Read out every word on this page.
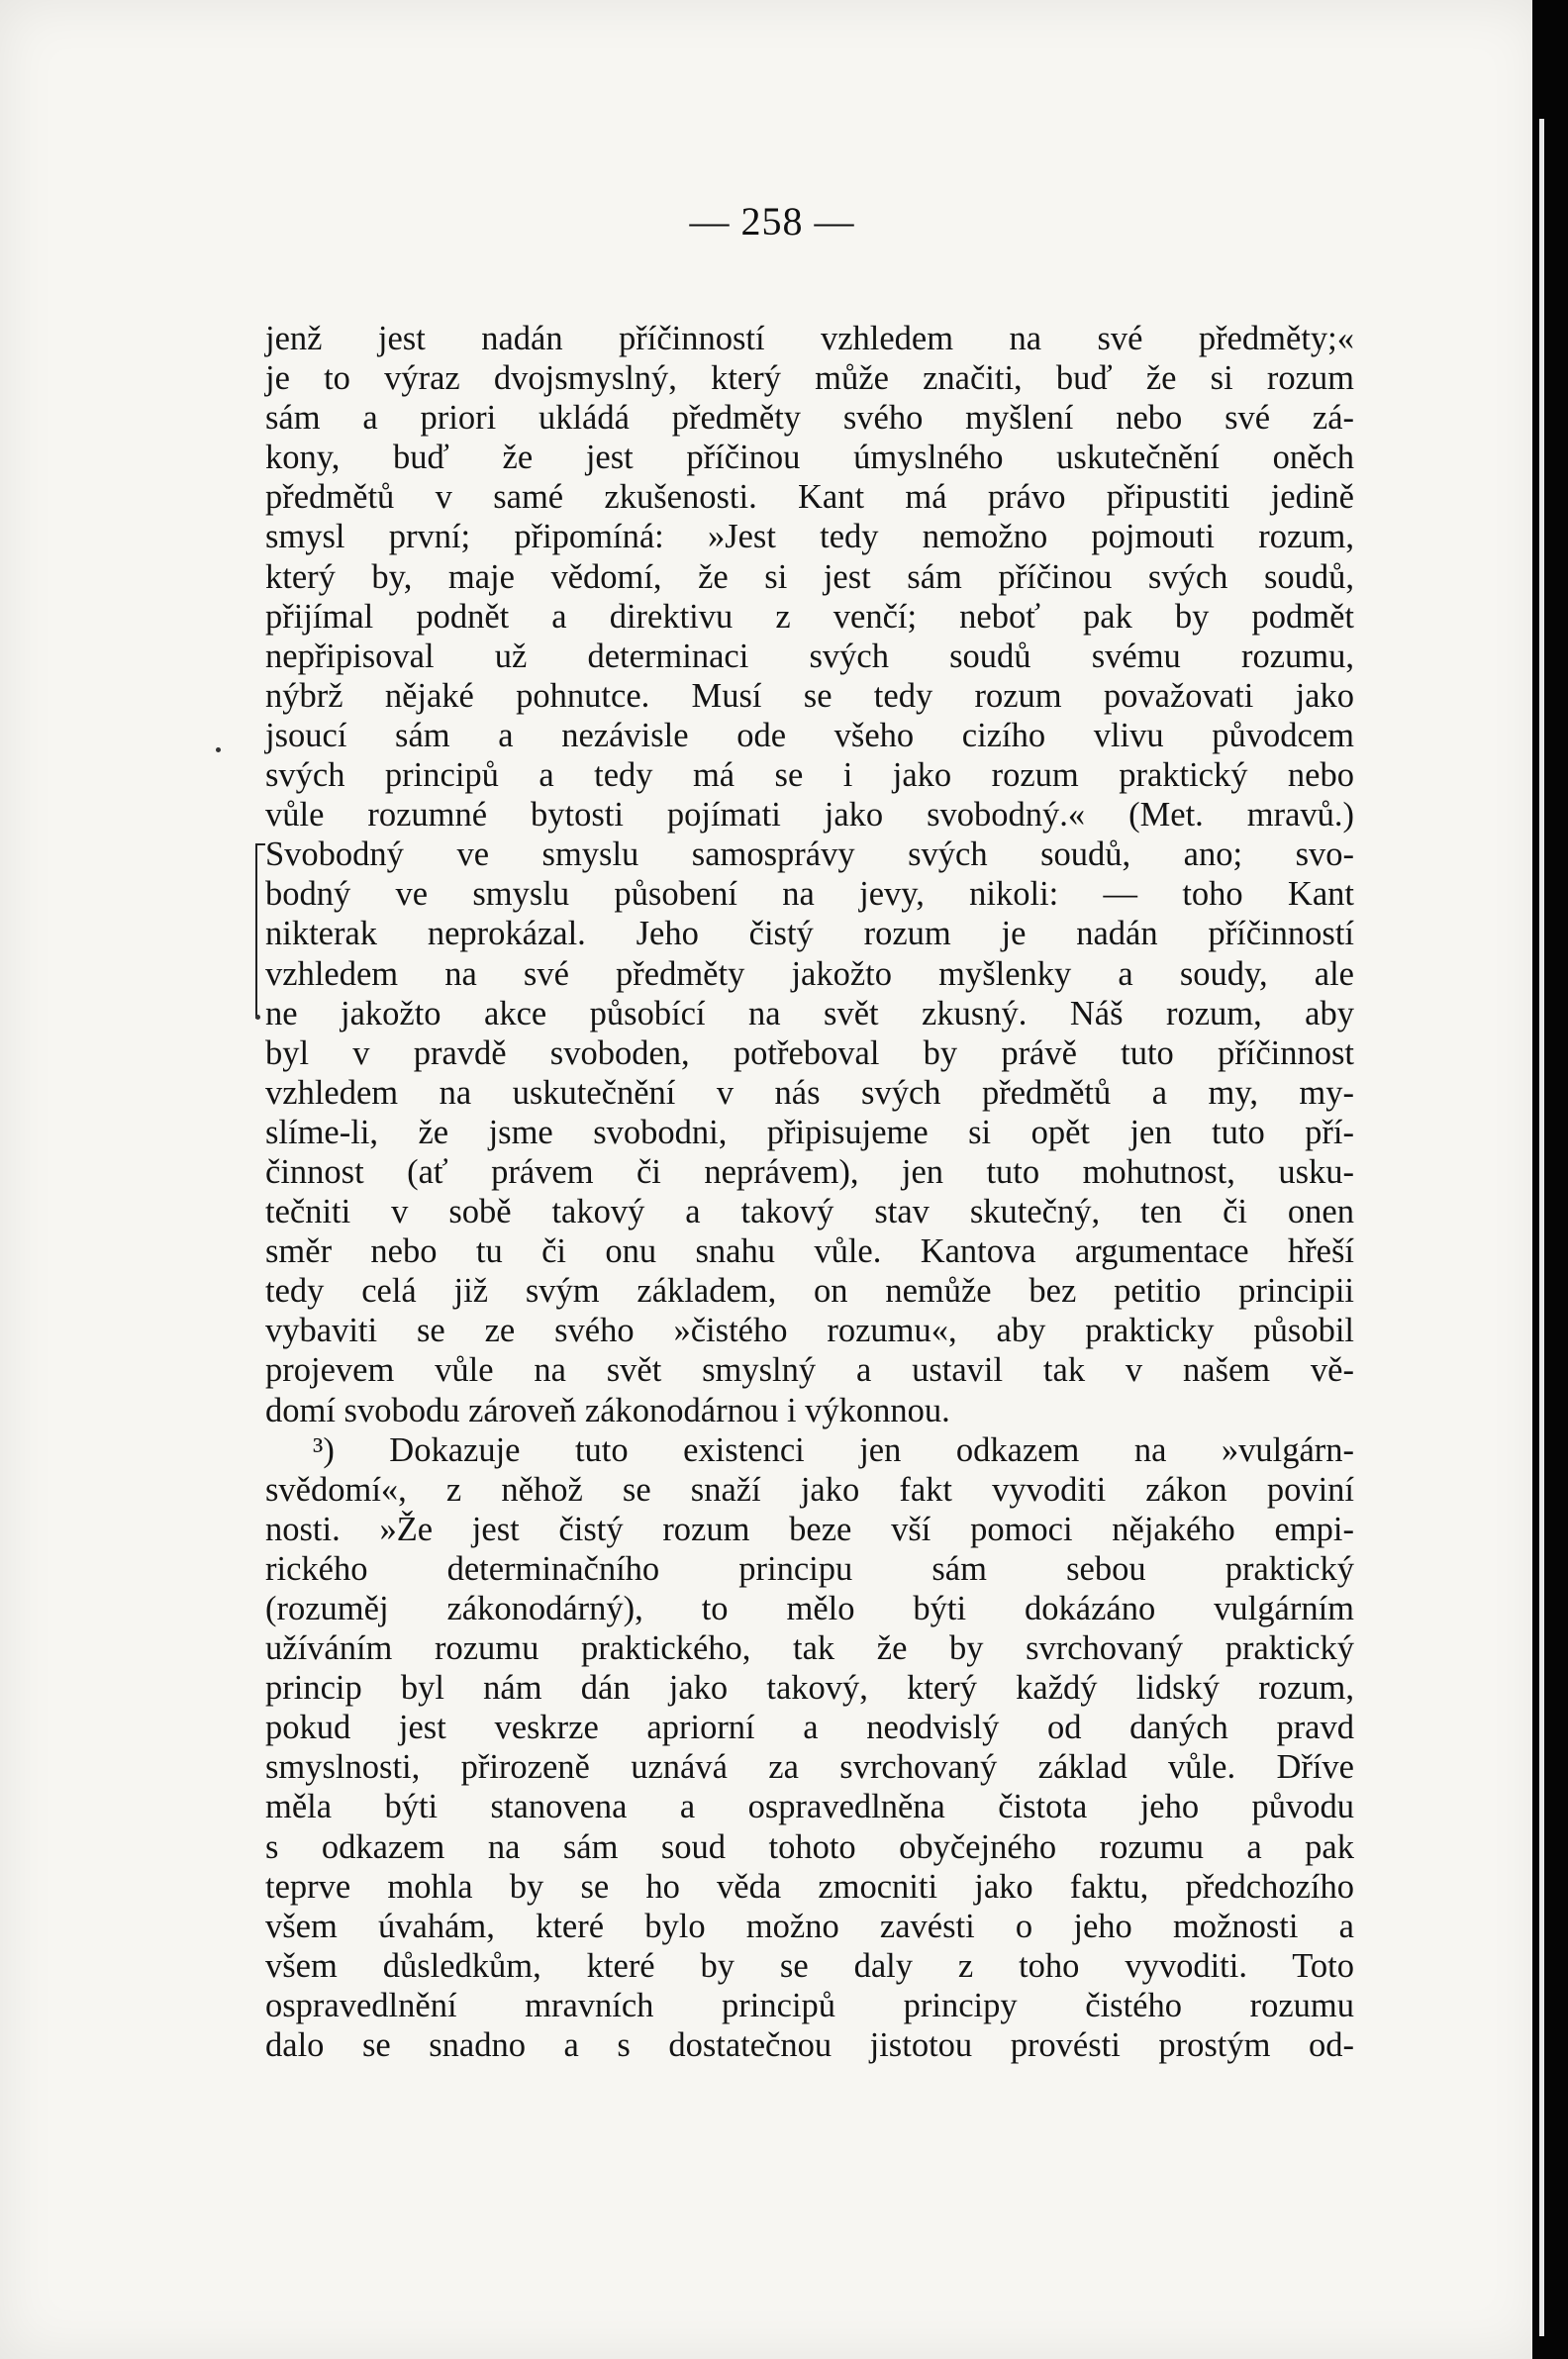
— 258 —
jenž jest nadán příčinností vzhledem na své předměty;«
je to výraz dvojsmyslný, který může značiti, buď že si rozum
sám a priori ukládá předměty svého myšlení nebo své zá-
kony, buď že jest příčinou úmyslného uskutečnění oněch
předmětů v samé zkušenosti. Kant má právo připustiti jedině
smysl první; připomíná: »Jest tedy nemožno pojmouti rozum,
který by, maje vědomí, že si jest sám příčinou svých soudů,
přijímal podnět a direktivu z venčí; neboť pak by podmět
nepřipisoval už determinaci svých soudů svému rozumu,
nýbrž nějaké pohnutce. Musí se tedy rozum považovati jako
jsoucí sám a nezávisle ode všeho cizího vlivu původcem
svých principů a tedy má se i jako rozum praktický nebo
vůle rozumné bytosti pojímati jako svobodný.« (Met. mravů.)
Svobodný ve smyslu samosprávy svých soudů, ano; svo-
bodný ve smyslu působení na jevy, nikoli: — toho Kant
nikterak neprokázal. Jeho čistý rozum je nadán příčinností
vzhledem na své předměty jakožto myšlenky a soudy, ale
ne jakožto akce působící na svět zkusný. Náš rozum, aby
byl v pravdě svoboden, potřeboval by právě tuto příčinnost
vzhledem na uskutečnění v nás svých předmětů a my, my-
slíme-li, že jsme svobodni, připisujeme si opět jen tuto pří-
činnost (ať právem či neprávem), jen tuto mohutnost, usku-
tečniti v sobě takový a takový stav skutečný, ten či onen
směr nebo tu či onu snahu vůle. Kantova argumentace hřeší
tedy celá již svým základem, on nemůže bez petitio principii
vybaviti se ze svého »čistého rozumu«, aby prakticky působil
projevem vůle na svět smyslný a ustavil tak v našem vě-
domí svobodu zároveň zákonodárnou i výkonnou.
³) Dokazuje tuto existenci jen odkazem na »vulgárn-
svědomí«, z něhož se snaží jako fakt vyvoditi zákon poviní
nosti. »Že jest čistý rozum beze vší pomoci nějakého empi-
rického determinačního principu sám sebou praktický
(rozuměj zákonodárný), to mělo býti dokázáno vulgárním
užíváním rozumu praktického, tak že by svrchovaný praktický
princip byl nám dán jako takový, který každý lidský rozum,
pokud jest veskrze apriorní a neodvislý od daných pravd
smyslnosti, přirozeně uznává za svrchovaný základ vůle. Dříve
měla býti stanovena a ospravedlněna čistota jeho původu
s odkazem na sám soud tohoto obyčejného rozumu a pak
teprve mohla by se ho věda zmocniti jako faktu, předchozího
všem úvahám, které bylo možno zavésti o jeho možnosti a
všem důsledkům, které by se daly z toho vyvoditi. Toto
ospravedlnění mravních principů principy čistého rozumu
dalo se snadno a s dostatečnou jistotou provésti prostým od-
